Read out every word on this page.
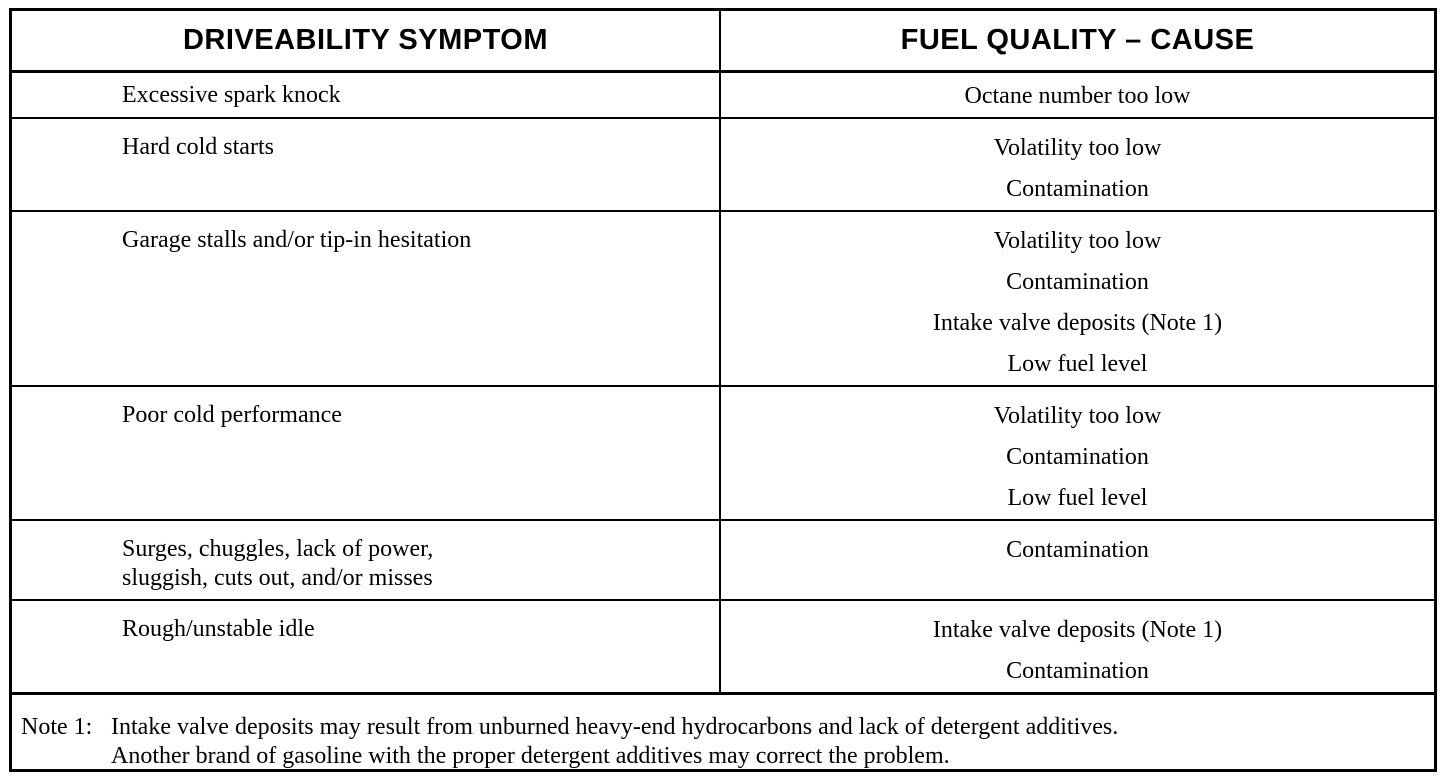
DRIVEABILITY SYMPTOM	FUEL QUALITY – CAUSE
Excessive spark knock	Octane number too low

Hard cold starts	Volatility too low
Contamination

Garage stalls and/or tip-in hesitation	Volatility too low
Contamination
Intake valve deposits (Note 1)
Low fuel level

Poor cold performance	Volatility too low
Contamination
Low fuel level

Surges, chuggles, lack of power,
sluggish, cuts out, and/or misses	Contamination

Rough/unstable idle	Intake valve deposits (Note 1)
Contamination
Note 1: Intake valve deposits may result from unburned heavy-end hydrocarbons and lack of detergent additives.
Another brand of gasoline with the proper detergent additives may correct the problem.
